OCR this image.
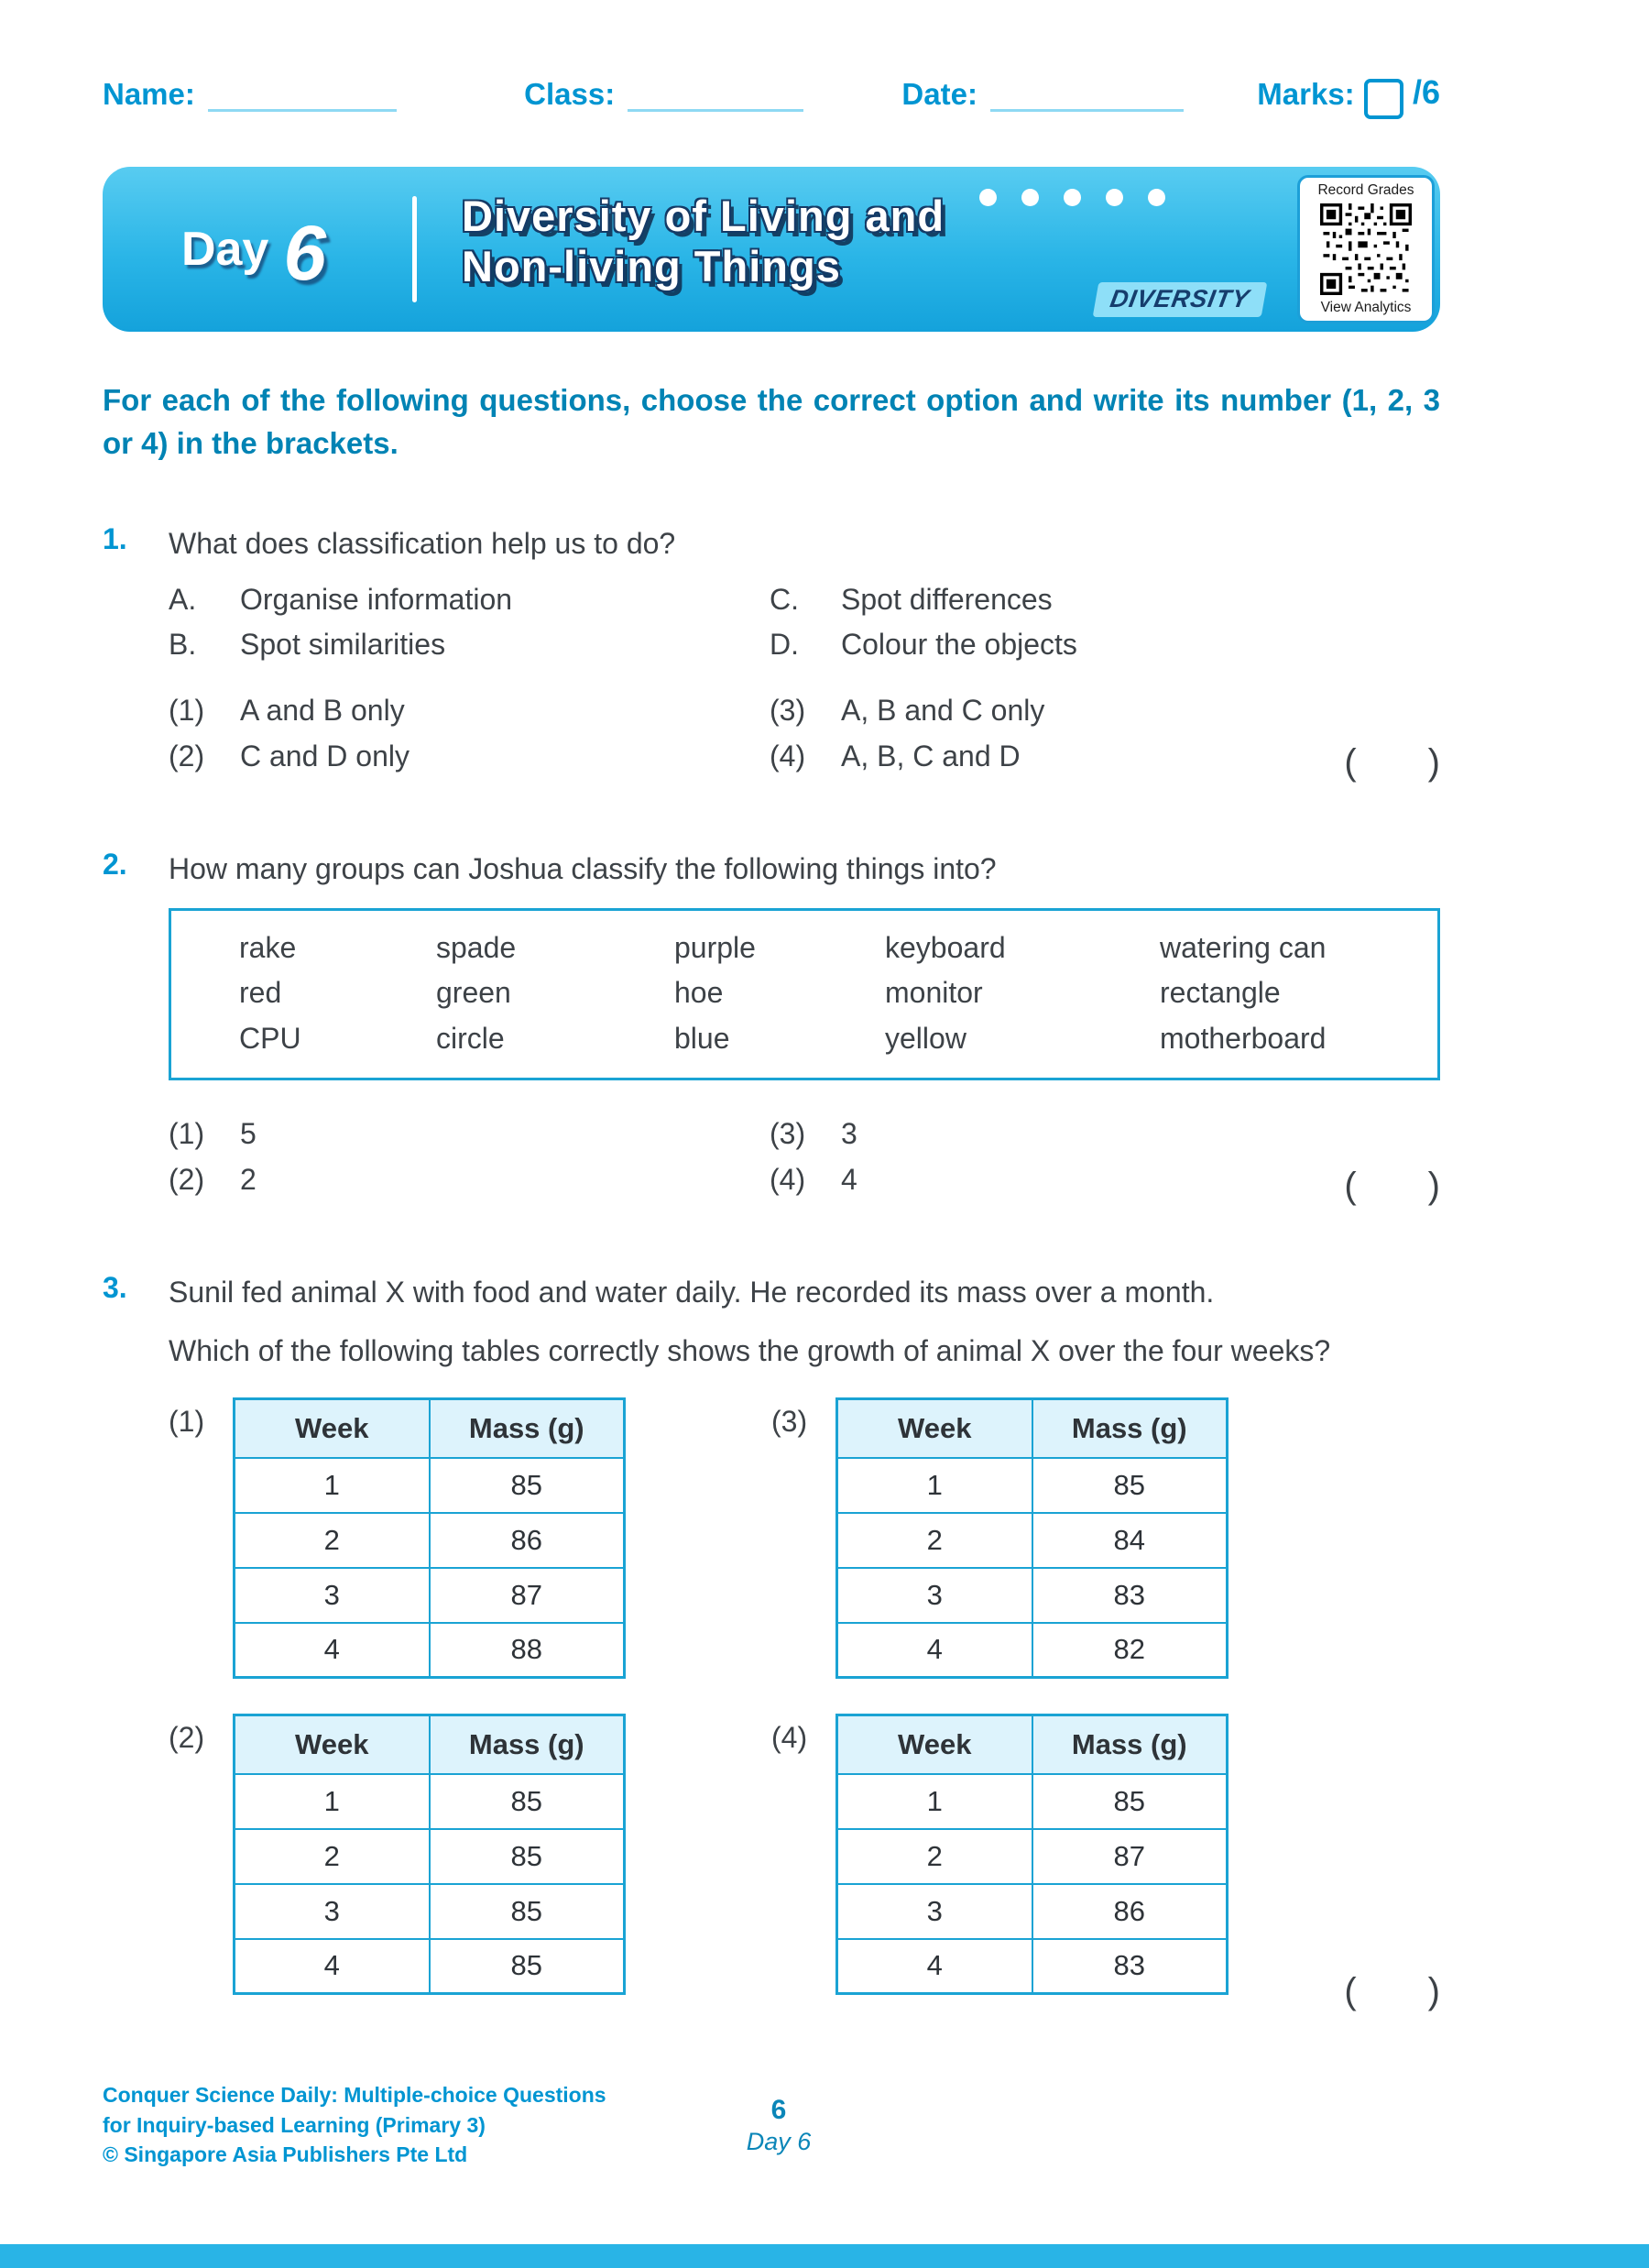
Name:	Class:	Date:	Marks: /6
Day 6	Diversity of Living and
Non-living Things
DIVERSITY
Record Grades
View Analytics

For each of the following questions, choose the correct option and write its number (1, 2, 3 or 4) in the brackets.

1.	What does classification help us to do?
A.	Organise information	C.	Spot differences
B.	Spot similarities	D.	Colour the objects
(1)	A and B only	(3)	A, B and C only
(2)	C and D only	(4)	A, B, C and D	( )
2.	How many groups can Joshua classify the following things into?
rake	spade	purple	keyboard	watering can
red	green	hoe	monitor	rectangle
CPU	circle	blue	yellow	motherboard
(1)	5	(3)	3
(2)	2	(4)	4	( )
3.	Sunil fed animal X with food and water daily. He recorded its mass over a month.
Which of the following tables correctly shows the growth of animal X over the four weeks?
(1)	Week	Mass (g)
1	85
2	86
3	87
4	88
(3)	Week	Mass (g)
1	85
2	84
3	83
4	82
(2)	Week	Mass (g)
1	85
2	85
3	85
4	85
(4)	Week	Mass (g)
1	85
2	87
3	86
4	83
( )
Conquer Science Daily: Multiple-choice Questions
for Inquiry-based Learning (Primary 3)
© Singapore Asia Publishers Pte Ltd
6
Day 6
